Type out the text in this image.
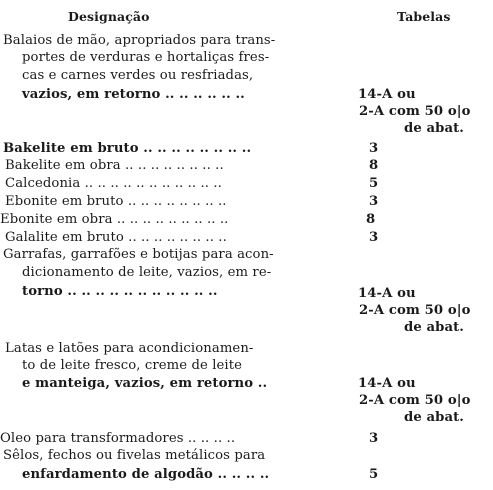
Designação	Tabelas
Balaios de mão, apropriados para trans-
portes de verduras e hortaliças fres-
cas e carnes verdes ou resfriadas,
vazios, em retorno .. .. .. .. .. ..	14-A ou
2-A com 50 o|o
de abat.
Bakelite em bruto .. .. .. .. .. .. .. ..	3
Bakelite em obra .. .. .. .. .. .. .. ..	8
Calcedonia .. .. .. .. .. .. .. .. .. .. ..	5
Ebonite em bruto .. .. .. .. .. .. .. ..	3
Ebonite em obra .. .. .. .. .. .. .. .. ..	8
Galalite em bruto .. .. .. .. .. .. .. ..	3
Garrafas, garrafões e botijas para acon-
dicionamento de leite, vazios, em re-
torno .. .. .. .. .. .. .. .. .. .. ..	14-A ou
2-A com 50 o|o
de abat.
Latas e latões para acondicionamen-
to de leite fresco, creme de leite
e manteiga, vazios, em retorno ..	14-A ou
2-A com 50 o|o
de abat.
Oleo para transformadores .. .. .. ..	3
Sêlos, fechos ou fivelas metálicos para
enfardamento de algodão .. .. .. ..	5
